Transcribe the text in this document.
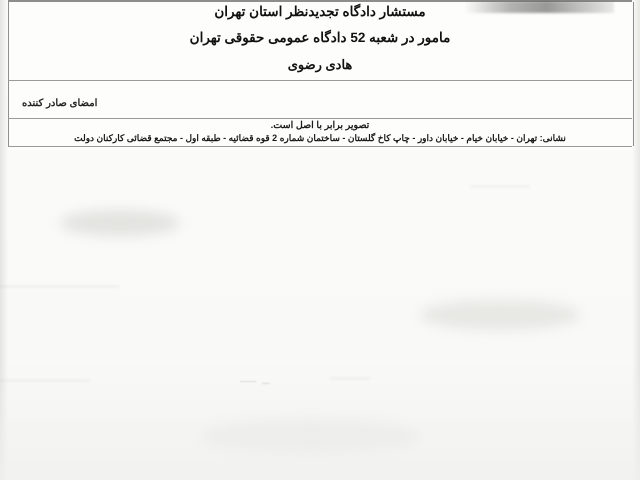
مستشار دادگاه تجدیدنظر استان تهران
مامور در شعبه 52 دادگاه عمومی حقوقی تهران
هادی رضوی
امضای صادر کننده
تصویر برابر با اصل است.
نشانی: تهران - خیابان خیام - خیابان داور - چاپ کاخ گلستان - ساختمان شماره 2 قوه قضائیه - طبقه اول - مجتمع قضائی کارکنان دولت
